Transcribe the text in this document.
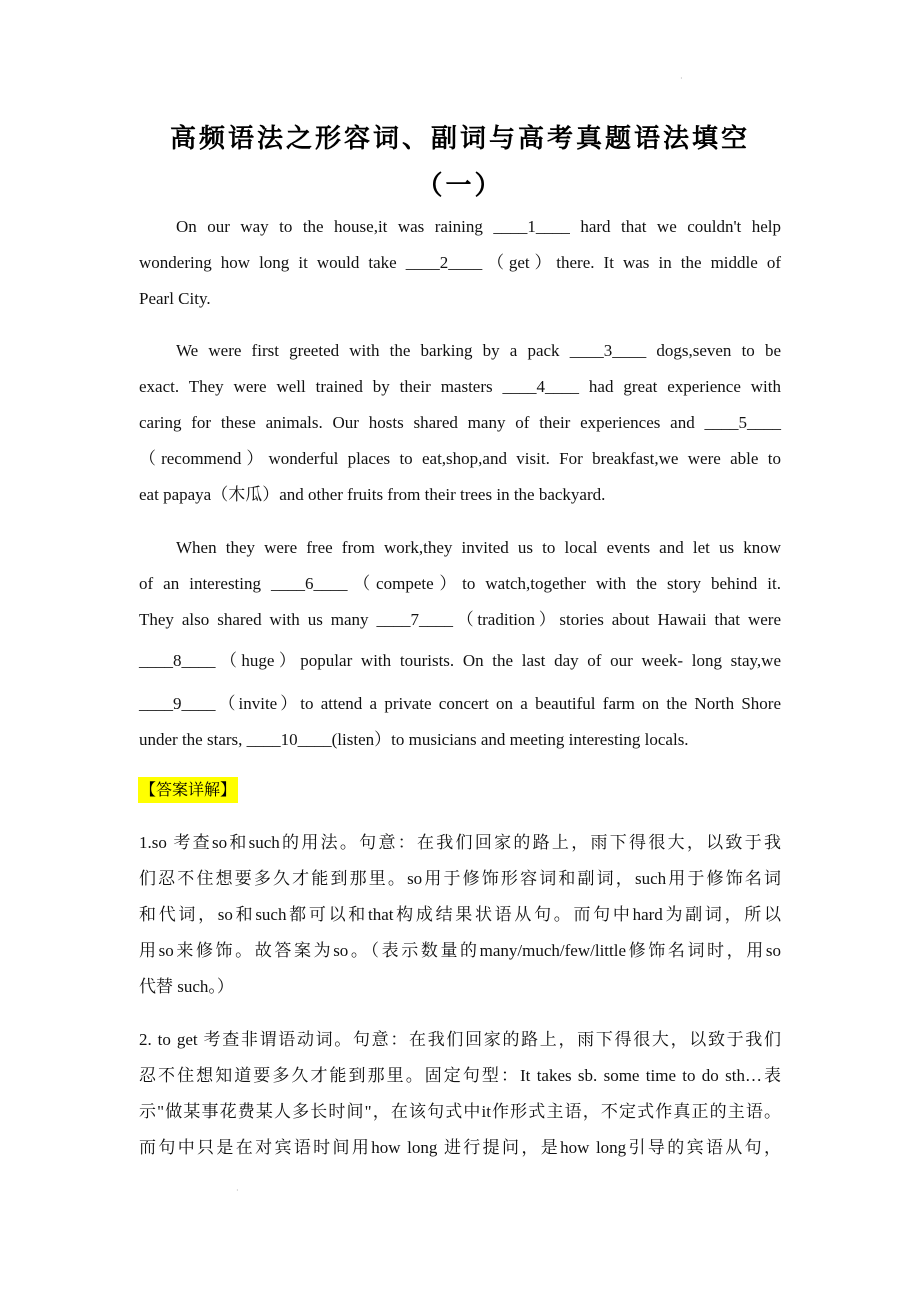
·
高频语法之形容词、副词与高考真题语法填空
（一）

On our way to the house,it was raining ____1____ hard that we couldn't help

wondering how long it would take ____2____（get）there. It was in the middle of

Pearl City.

We were first greeted with the barking by a pack ____3____ dogs,seven to be

exact. They were well trained by their masters ____4____ had great experience with

caring for these animals. Our hosts shared many of their experiences and ____5____

（recommend）wonderful places to eat,shop,and visit. For breakfast,we were able to

eat papaya（木瓜）and other fruits from their trees in the backyard.

When they were free from work,they invited us to local events and let us know

of an interesting ____6____（compete）to watch,together with the story behind it.

They also shared with us many ____7____（tradition）stories about Hawaii that were

____8____（huge）popular with tourists. On the last day of our week- long stay,we

____9____（invite）to attend a private concert on a beautiful farm on the North Shore

under the stars, ____10____(listen）to musicians and meeting interesting locals.

【答案详解】

1.so 考查so和such的用法。句意：在我们回家的路上，雨下得很大，以致于我

们忍不住想要多久才能到那里。so用于修饰形容词和副词，such用于修饰名词

和代词，so和such都可以和that构成结果状语从句。而句中hard为副词，所以

用so来修饰。故答案为so。（表示数量的many/much/few/little修饰名词时，用so

代替 such。）

2. to get 考查非谓语动词。句意：在我们回家的路上，雨下得很大，以致于我们

忍不住想知道要多久才能到那里。固定句型：It takes sb. some time to do sth…表

示"做某事花费某人多长时间"，在该句式中it作形式主语，不定式作真正的主语。

而句中只是在对宾语时间用how long 进行提问，是how long引导的宾语从句，

·
